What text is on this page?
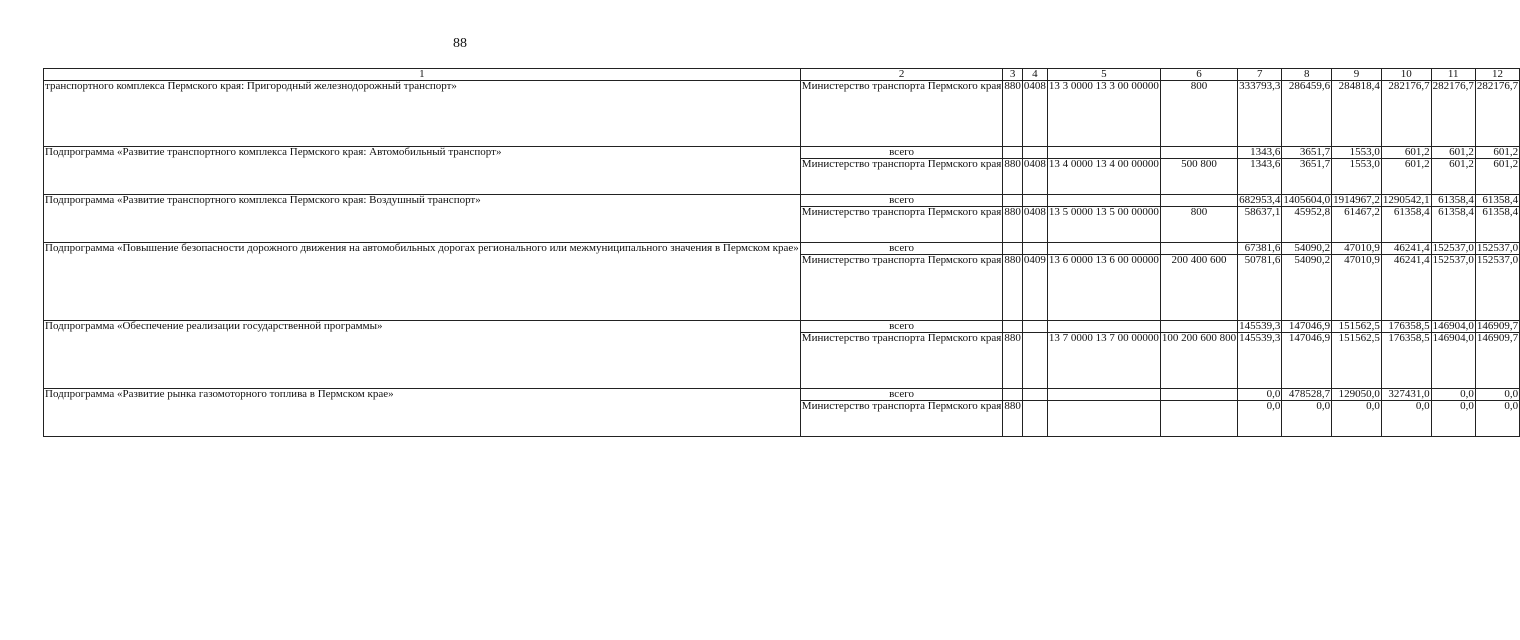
88
1	2	3	4	5	6	7	8	9	10	11	12
транспортного комплекса Пермского края: Пригородный железнодорожный транспорт»	Министерство транспорта Пермского края	880	0408	13 3 0000 13 3 00 00000	800	333793,3	286459,6	284818,4	282176,7	282176,7	282176,7
Подпрограмма «Развитие транспортного комплекса Пермского края: Автомобильный транспорт»	всего					1343,6	3651,7	1553,0	601,2	601,2	601,2
	Министерство транспорта Пермского края	880	0408	13 4 0000 13 4 00 00000	500 800	1343,6	3651,7	1553,0	601,2	601,2	601,2
Подпрограмма «Развитие транспортного комплекса Пермского края: Воздушный транспорт»	всего					682953,4	1405604,0	1914967,2	1290542,1	61358,4	61358,4
	Министерство транспорта Пермского края	880	0408	13 5 0000 13 5 00 00000	800	58637,1	45952,8	61467,2	61358,4	61358,4	61358,4
Подпрограмма «Повышение безопасности дорожного движения на автомобильных дорогах регионального или межмуниципального значения в Пермском крае»	всего					67381,6	54090,2	47010,9	46241,4	152537,0	152537,0
	Министерство транспорта Пермского края	880	0409	13 6 0000 13 6 00 00000	200 400 600	50781,6	54090,2	47010,9	46241,4	152537,0	152537,0
Подпрограмма «Обеспечение реализации государственной программы»	всего					145539,3	147046,9	151562,5	176358,5	146904,0	146909,7
	Министерство транспорта Пермского края	880		13 7 0000 13 7 00 00000	100 200 600 800	145539,3	147046,9	151562,5	176358,5	146904,0	146909,7
Подпрограмма «Развитие рынка газомоторного топлива в Пермском крае»	всего					0,0	478528,7	129050,0	327431,0	0,0	0,0
	Министерство транспорта Пермского края	880				0,0	0,0	0,0	0,0	0,0	0,0
